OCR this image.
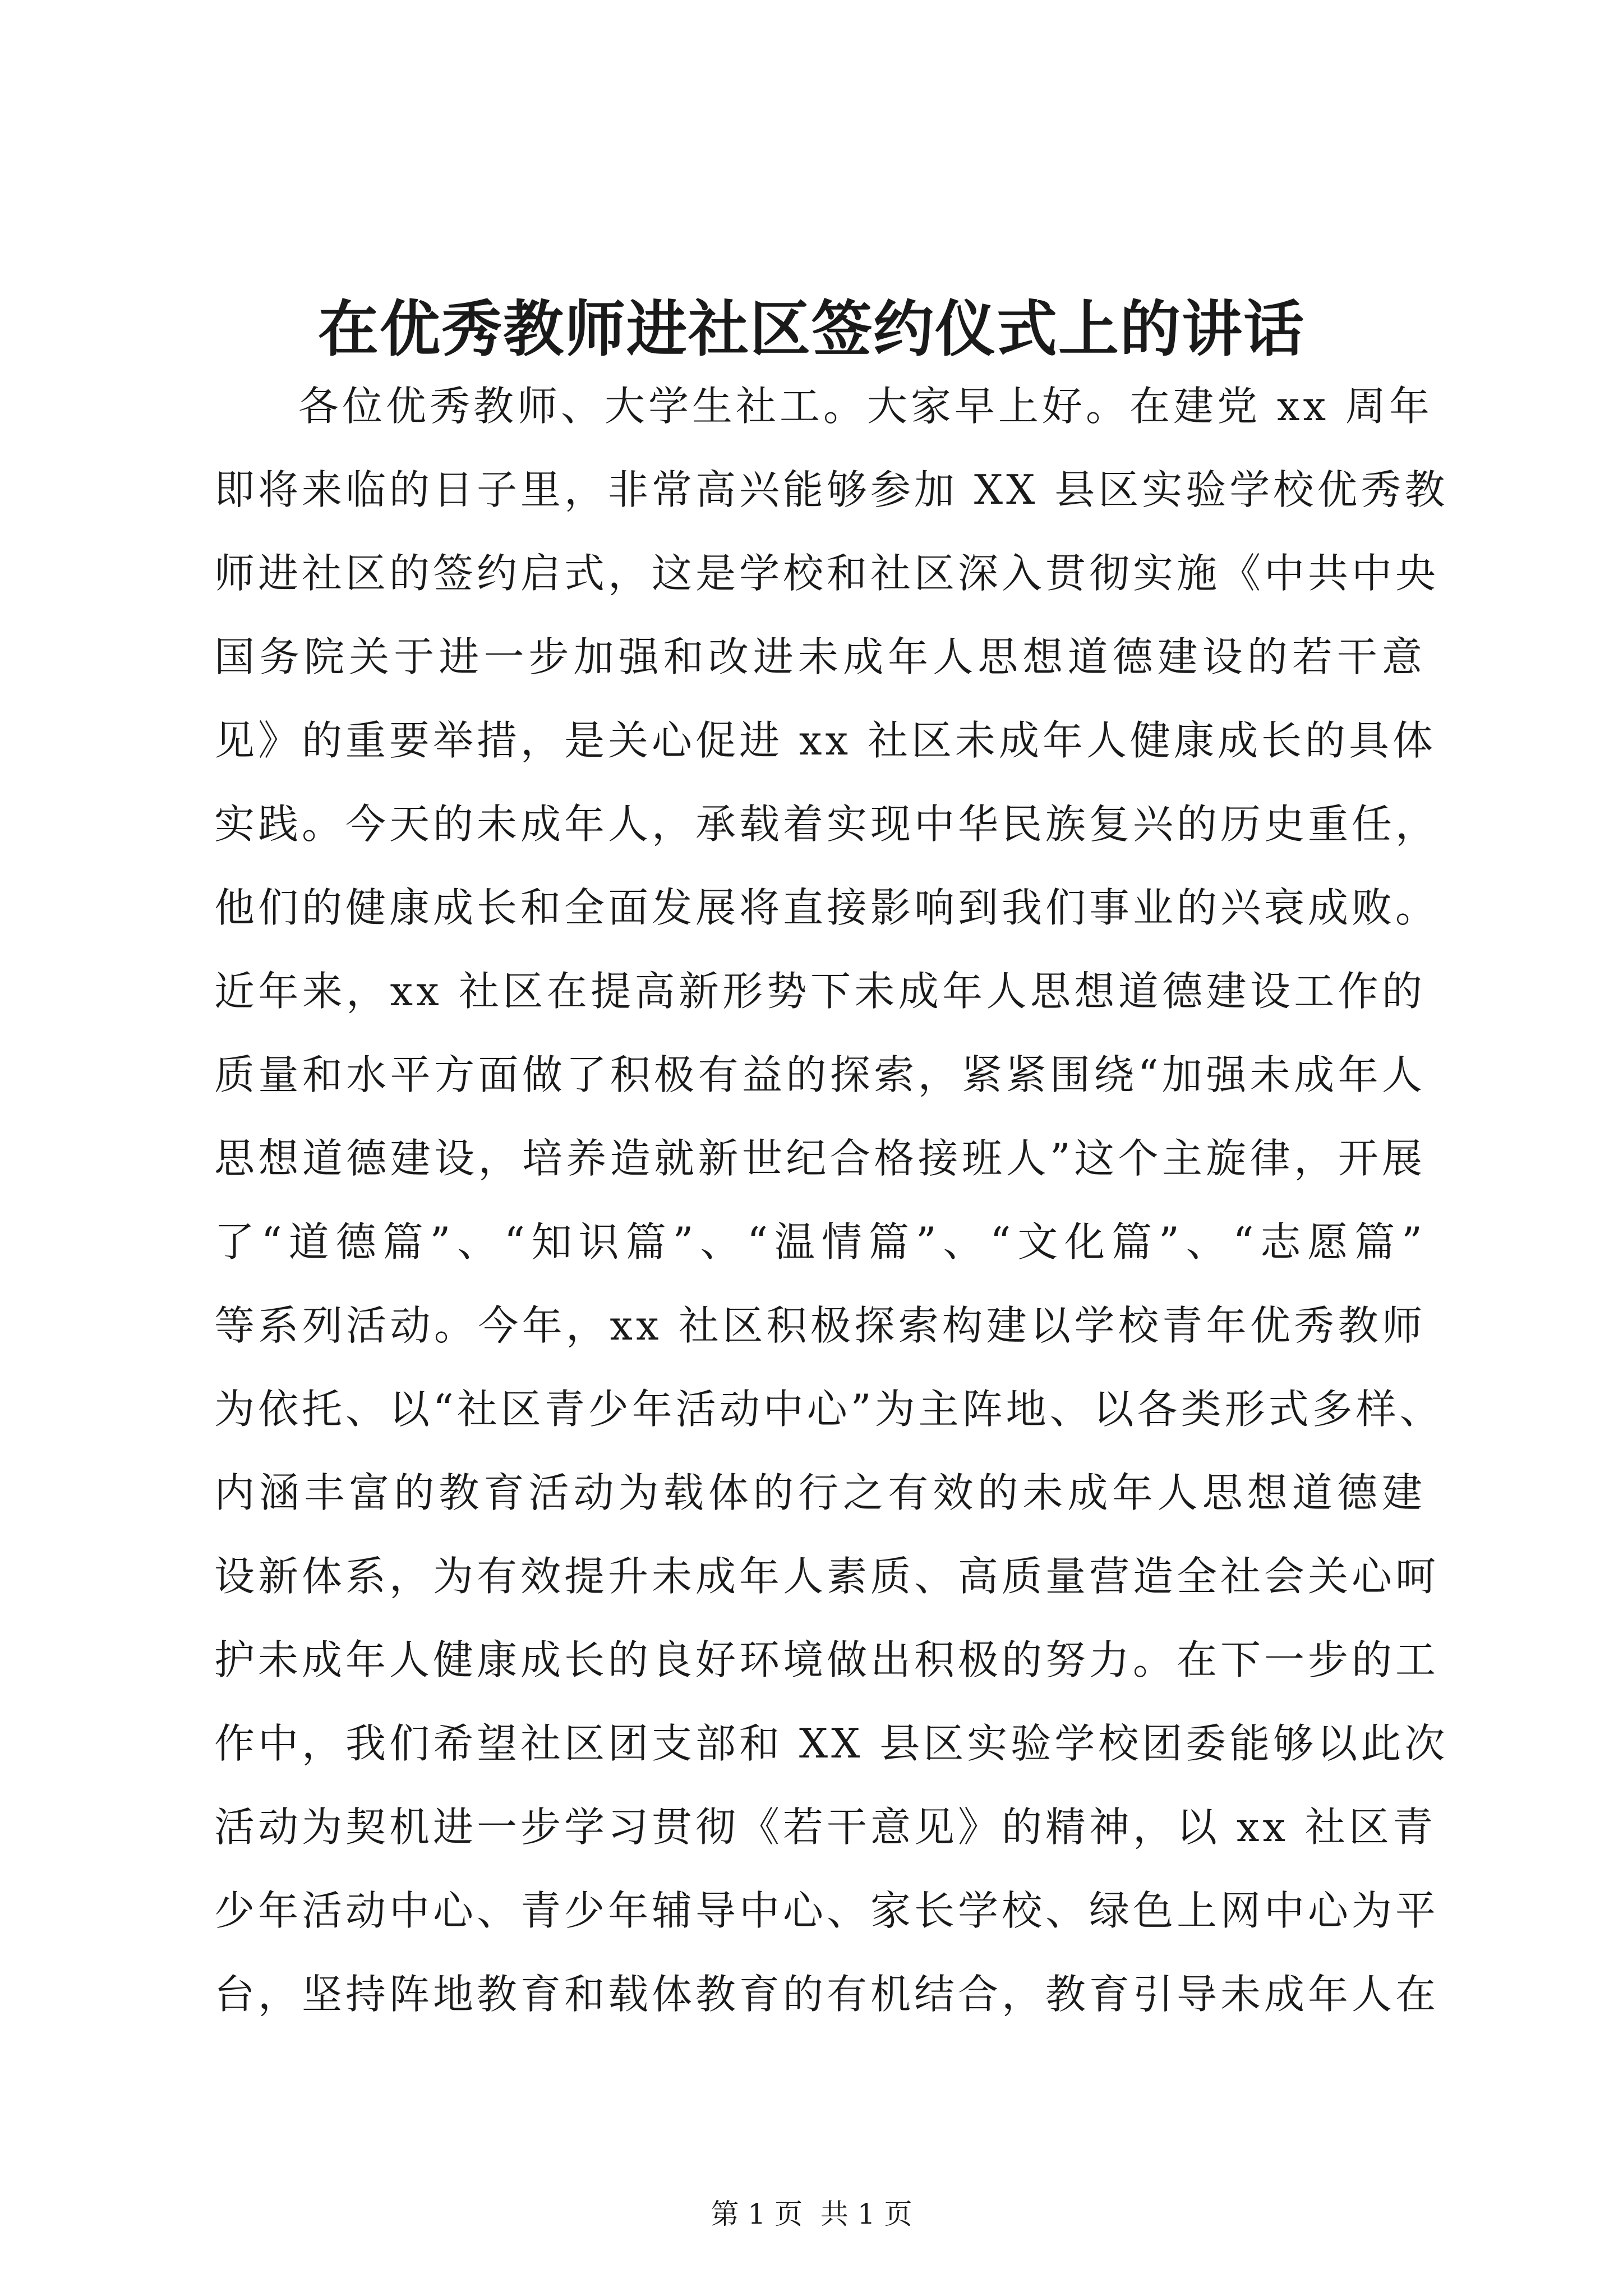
在优秀教师进社区签约仪式上的讲话
各位优秀教师、大学生社工。大家早上好。在建党 xx 周年
即将来临的日子里，非常高兴能够参加 XX 县区实验学校优秀教
师进社区的签约启式，这是学校和社区深入贯彻实施《中共中央
国务院关于进一步加强和改进未成年人思想道德建设的若干意
见》的重要举措，是关心促进 xx 社区未成年人健康成长的具体
实践。今天的未成年人，承载着实现中华民族复兴的历史重任，
他们的健康成长和全面发展将直接影响到我们事业的兴衰成败。
近年来，xx 社区在提高新形势下未成年人思想道德建设工作的
质量和水平方面做了积极有益的探索，紧紧围绕“加强未成年人
思想道德建设，培养造就新世纪合格接班人”这个主旋律，开展
了“道德篇”、“知识篇”、“温情篇”、“文化篇”、“志愿篇”
等系列活动。今年，xx 社区积极探索构建以学校青年优秀教师
为依托、以“社区青少年活动中心”为主阵地、以各类形式多样、
内涵丰富的教育活动为载体的行之有效的未成年人思想道德建
设新体系，为有效提升未成年人素质、高质量营造全社会关心呵
护未成年人健康成长的良好环境做出积极的努力。在下一步的工
作中，我们希望社区团支部和 XX 县区实验学校团委能够以此次
活动为契机进一步学习贯彻《若干意见》的精神，以 xx 社区青
少年活动中心、青少年辅导中心、家长学校、绿色上网中心为平
台，坚持阵地教育和载体教育的有机结合，教育引导未成年人在
第 1 页  共 1 页
